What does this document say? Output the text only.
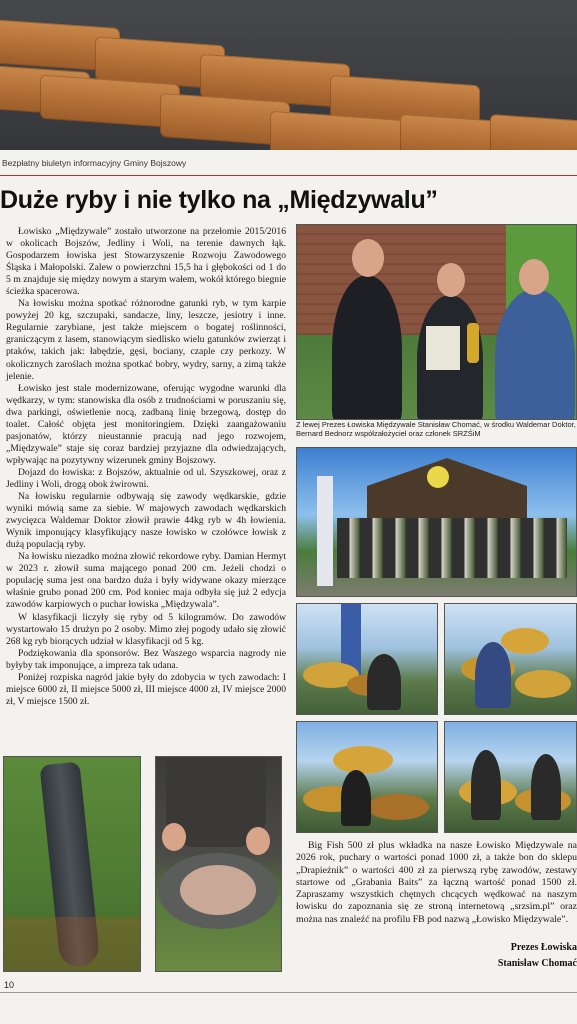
Bezpłatny biuletyn informacyjny Gminy Bojszowy
Duże ryby i nie tylko na „Międzywalu”

Łowisko „Międzywale” zostało utworzone na przełomie 2015/2016 w okolicach Bojszów, Jedliny i Woli, na terenie dawnych łąk. Gospodarzem łowiska jest Stowarzyszenie Rozwoju Zawodowego Śląska i Małopolski. Zalew o powierzchni 15,5 ha i głębokości od 1 do 5 m znajduje się między nowym a starym wałem, wokół którego biegnie ścieżka spacerowa.

Na łowisku można spotkać różnorodne gatunki ryb, w tym karpie powyżej 20 kg, szczupaki, sandacze, liny, leszcze, jesiotry i inne. Regularnie zarybiane, jest także miejscem o bogatej roślinności, graniczącym z lasem, stanowiącym siedlisko wielu gatunków zwierząt i ptaków, takich jak: łabędzie, gęsi, bociany, czaple czy perkozy. W okolicznych zaroślach można spotkać bobry, wydry, sarny, a zimą także jelenie.

Łowisko jest stale modernizowane, oferując wygodne warunki dla wędkarzy, w tym: stanowiska dla osób z trudnościami w poruszaniu się, dwa parkingi, oświetlenie nocą, zadbaną linię brzegową, dostęp do toalet. Całość objęta jest monitoringiem. Dzięki zaangażowaniu pasjonatów, którzy nieustannie pracują nad jego rozwojem, „Międzywale” staje się coraz bardziej przyjazne dla odwiedzających, wpływając na pozytywny wizerunek gminy Bojszowy.

Dojazd do łowiska: z Bojszów, aktualnie od ul. Szyszkowej, oraz z Jedliny i Woli, drogą obok żwirowni.

Na łowisku regularnie odbywają się zawody wędkarskie, gdzie wyniki mówią same za siebie. W majowych zawodach wędkarskich zwycięzca Waldemar Doktor złowił prawie 44kg ryb w 4h łowienia. Wynik imponujący klasyfikujący nasze łowisko w czołówce łowisk z dużą populacją ryby.

Na łowisku niezadko można złowić rekordowe ryby. Damian Hermyt w 2023 r. złowił suma mającego ponad 200 cm. Jeżeli chodzi o populację suma jest ona bardzo duża i były widywane okazy mierzące właśnie grubo ponad 200 cm. Pod koniec maja odbyła się już 2 edycja zawodów karpiowych o puchar łowiska „Międzywala”.

W klasyfikacji liczyły się ryby od 5 kilogramów. Do zawodów wystartowało 15 drużyn po 2 osoby. Mimo złej pogody udało się złowić 268 kg ryb biorących udział w klasyfikacji od 5 kg.

Podziękowania dla sponsorów. Bez Waszego wsparcia nagrody nie byłyby tak imponujące, a impreza tak udana.

Poniżej rozpiska nagród jakie były do zdobycia w tych zawodach: I miejsce 6000 zł, II miejsce 5000 zł, III miejsce 4000 zł, IV miejsce 2000 zł, V miejsce 1500 zł.

Z lewej Prezes Łowiska Międzywale Stanisław Chomać, w środku Waldemar Doktor, Bernard Bednorz współzałożyciel oraz członek SRZŚiM

Big Fish 500 zł plus wkładka na nasze Łowisko Międzywale na 2026 rok, puchary o wartości ponad 1000 zł, a także bon do sklepu „Drapieżnik” o wartości 400 zł za pierwszą rybę zawodów, zestawy startowe od „Grabania Baits” za łączną wartość ponad 1500 zł. Zapraszamy wszystkich chętnych chcących wędkować na naszym łowisku do zapoznania się ze stroną internetową „srzsim.pl” oraz można nas znaleźć na profilu FB pod nazwą „Łowisko Międzywale”.

Prezes Łowiska
Stanisław Chomać
10
